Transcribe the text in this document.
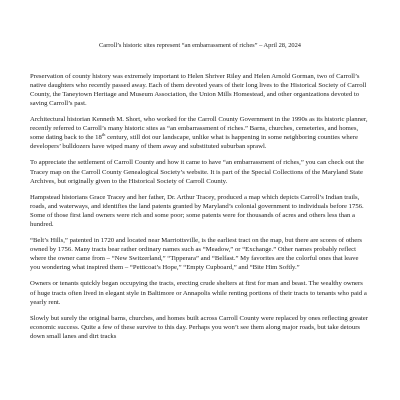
Carroll’s historic sites represent “an embarrassment of riches” – April 28, 2024

Preservation of county history was extremely important to Helen Shriver Riley and Helen Arnold Gorman, two of Carroll’s native daughters who recently passed away. Each of them devoted years of their long lives to the Historical Society of Carroll County, the Taneytown Heritage and Museum Association, the Union Mills Homestead, and other organizations devoted to saving Carroll’s past.

Architectural historian Kenneth M. Short, who worked for the Carroll County Government in the 1990s as its historic planner, recently referred to Carroll’s many historic sites as “an embarrassment of riches.” Barns, churches, cemeteries, and homes, some dating back to the 18th century, still dot our landscape, unlike what is happening in some neighboring counties where developers’ bulldozers have wiped many of them away and substituted suburban sprawl.

To appreciate the settlement of Carroll County and how it came to have “an embarrassment of riches,” you can check out the Tracey map on the Carroll County Genealogical Society’s website. It is part of the Special Collections of the Maryland State Archives, but originally given to the Historical Society of Carroll County.

Hampstead historians Grace Tracey and her father, Dr. Arthur Tracey, produced a map which depicts Carroll’s Indian trails, roads, and waterways, and identifies the land patents granted by Maryland’s colonial government to individuals before 1756. Some of those first land owners were rich and some poor; some patents were for thousands of acres and others less than a hundred.

“Belt’s Hills,” patented in 1720 and located near Marriottsville, is the earliest tract on the map, but there are scores of others owned by 1756. Many tracts bear rather ordinary names such as “Meadow,” or “Exchange.” Other names probably reflect where the owner came from – “New Switzerland,” “Tipperara” and “Belfast.” My favorites are the colorful ones that leave you wondering what inspired them – “Petticoat’s Hope,” “Empty Cupboard,” and “Bite Him Softly.”

Owners or tenants quickly began occupying the tracts, erecting crude shelters at first for man and beast. The wealthy owners of huge tracts often lived in elegant style in Baltimore or Annapolis while renting portions of their tracts to tenants who paid a yearly rent.

Slowly but surely the original barns, churches, and homes built across Carroll County were replaced by ones reflecting greater economic success. Quite a few of these survive to this day. Perhaps you won’t see them along major roads, but take detours down small lanes and dirt tracks
